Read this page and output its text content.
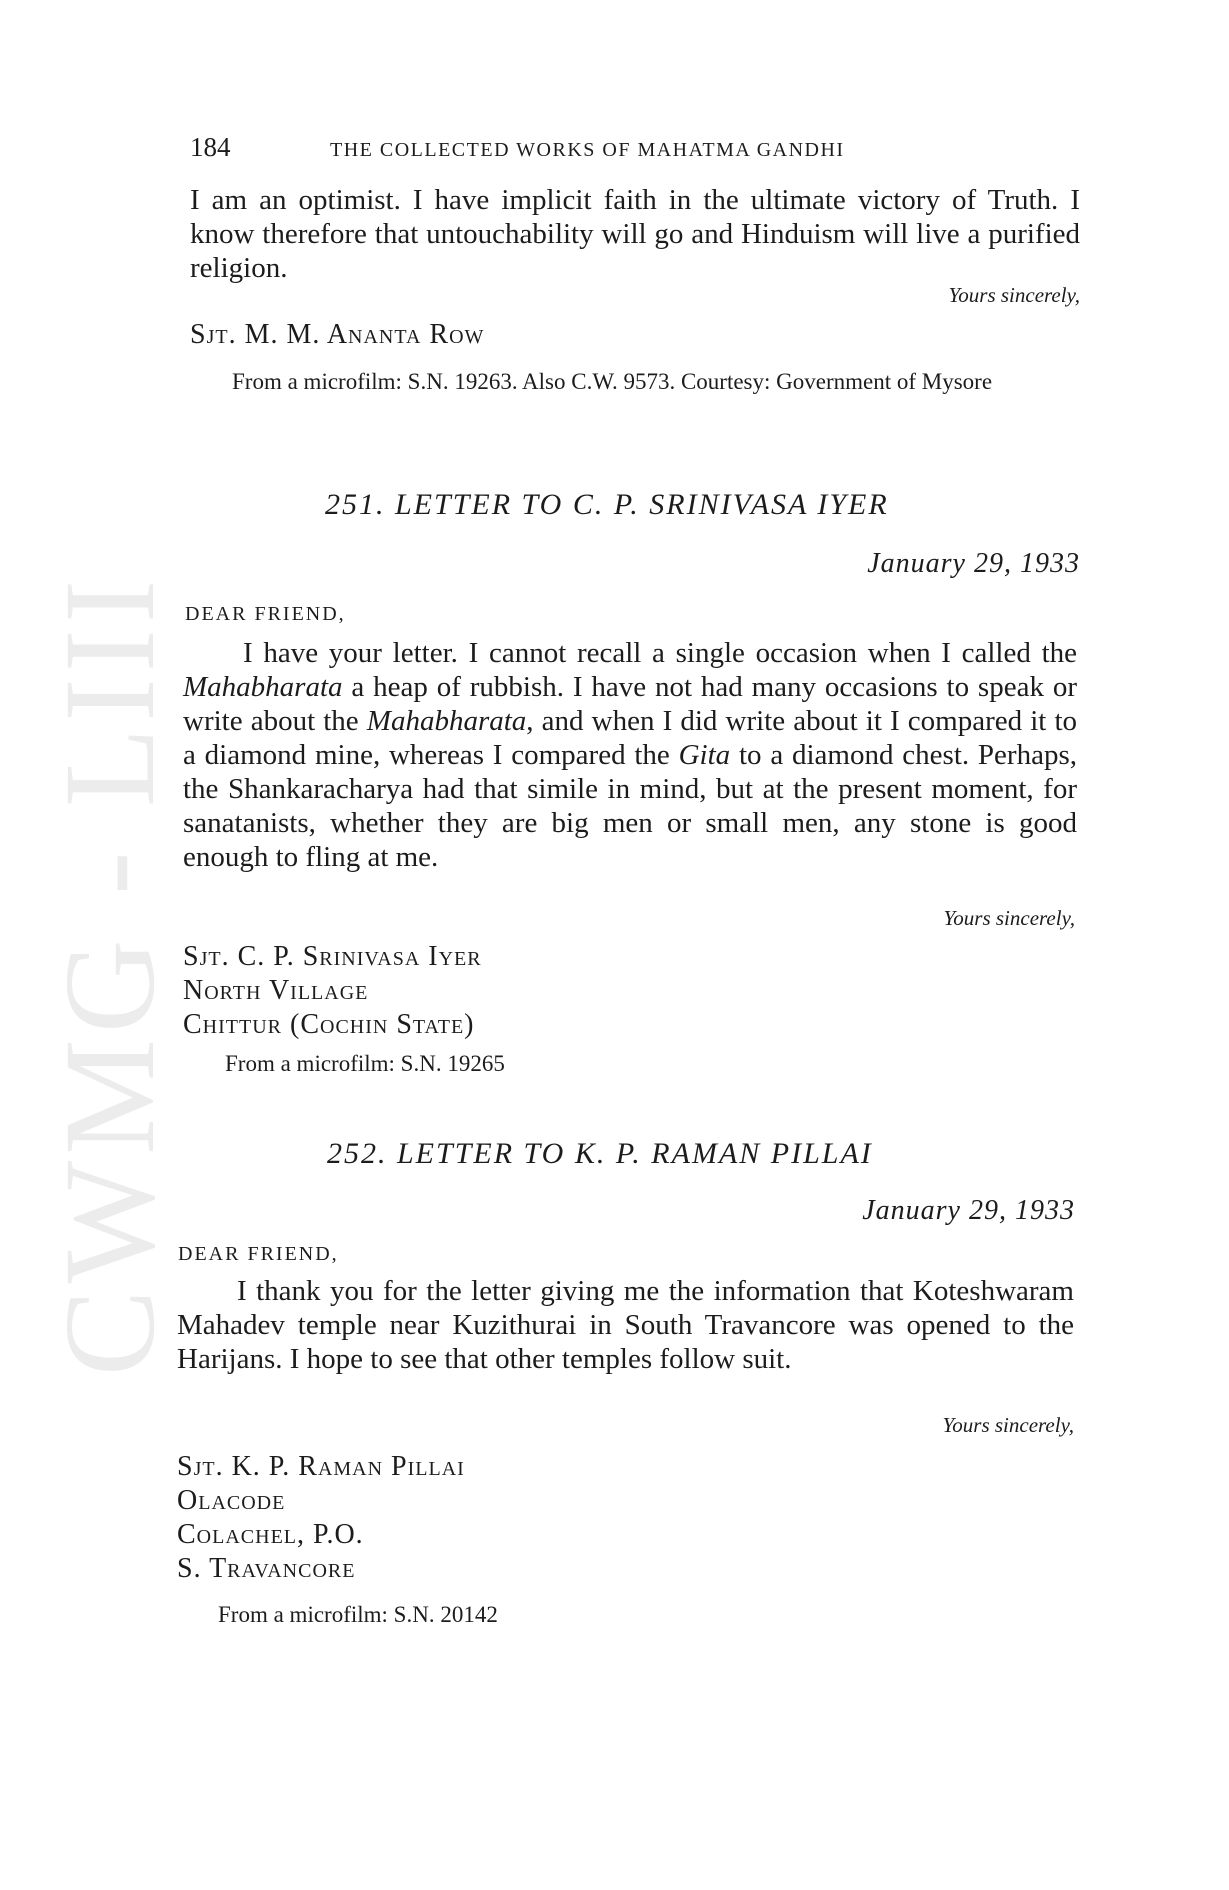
CWMG - LIII
184	THE COLLECTED WORKS OF MAHATMA GANDHI
I am an optimist. I have implicit faith in the ultimate victory of Truth. I know therefore that untouchability will go and Hinduism will live a purified religion.
Yours sincerely,
Sjt. M. M. Ananta Row
From a microfilm: S.N. 19263. Also C.W. 9573. Courtesy: Government of Mysore
251. LETTER TO C. P. SRINIVASA IYER
January 29, 1933
DEAR FRIEND,
I have your letter. I cannot recall a single occasion when I called the Mahabharata a heap of rubbish. I have not had many occasions to speak or write about the Mahabharata, and when I did write about it I compared it to a diamond mine, whereas I compared the Gita to a diamond chest. Perhaps, the Shankaracharya had that simile in mind, but at the present moment, for sanatanists, whether they are big men or small men, any stone is good enough to fling at me.
Yours sincerely,
Sjt. C. P. Srinivasa Iyer
North Village
Chittur (Cochin State)
From a microfilm: S.N. 19265
252. LETTER TO K. P. RAMAN PILLAI
January 29, 1933
DEAR FRIEND,
I thank you for the letter giving me the information that Koteshwaram Mahadev temple near Kuzithurai in South Travancore was opened to the Harijans. I hope to see that other temples follow suit.
Yours sincerely,
Sjt. K. P. Raman Pillai
Olacode
Colachel, P.O.
S. Travancore
From a microfilm: S.N. 20142
